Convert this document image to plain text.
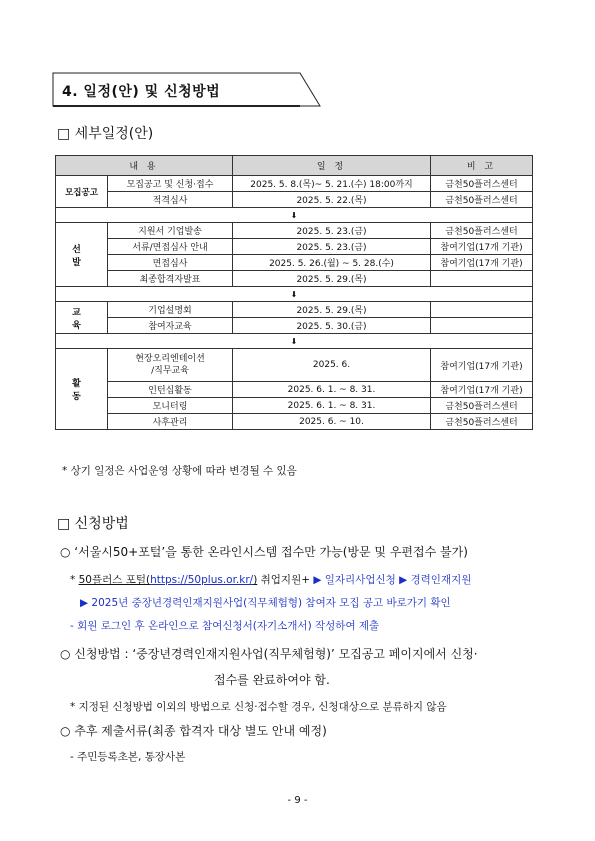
4. 일정(안) 및 신청방법
□ 세부일정(안)
내 용		일 정	비 고
모집공고	모집공고 및 신청·접수	2025. 5. 8.(목)~ 5. 21.(수) 18:00까지	금천50플러스센터
	적격심사	2025. 5. 22.(목)	금천50플러스센터
⬇			
선 발	지원서 기업발송	2025. 5. 23.(금)	금천50플러스센터
	서류/면접심사 안내	2025. 5. 23.(금)	참여기업(17개 기관)
	면접심사	2025. 5. 26.(월) ~ 5. 28.(수)	참여기업(17개 기관)
	최종합격자발표	2025. 5. 29.(목)	
⬇			
교 육	기업설명회	2025. 5. 29.(목)	
	참여자교육	2025. 5. 30.(금)	
⬇			
활 동	현장오리엔테이션
/직무교육	2025. 6.	참여기업(17개 기관)
	인턴십활동	2025. 6. 1. ~ 8. 31.	참여기업(17개 기관)
	모니터링	2025. 6. 1. ~ 8. 31.	금천50플러스센터
	사후관리	2025. 6. ~ 10.	금천50플러스센터
* 상기 일정은 사업운영 상황에 따라 변경될 수 있음
□ 신청방법
○ ‘서울시50+포털’을 통한 온라인시스템 접수만 가능(방문 및 우편접수 불가)
* 50플러스 포털(https://50plus.or.kr/) 취업지원+ ▶ 일자리사업신청 ▶ 경력인재지원
▶ 2025년 중장년경력인재지원사업(직무체험형) 참여자 모집 공고 바로가기 확인
- 회원 로그인 후 온라인으로 참여신청서(자기소개서) 작성하여 제출
○ 신청방법 : ‘중장년경력인재지원사업(직무체험형)’ 모집공고 페이지에서 신청·
접수를 완료하여야 함.
* 지정된 신청방법 이외의 방법으로 신청·접수할 경우, 신청대상으로 분류하지 않음
○ 추후 제출서류(최종 합격자 대상 별도 안내 예정)
- 주민등록초본, 통장사본
- 9 -
